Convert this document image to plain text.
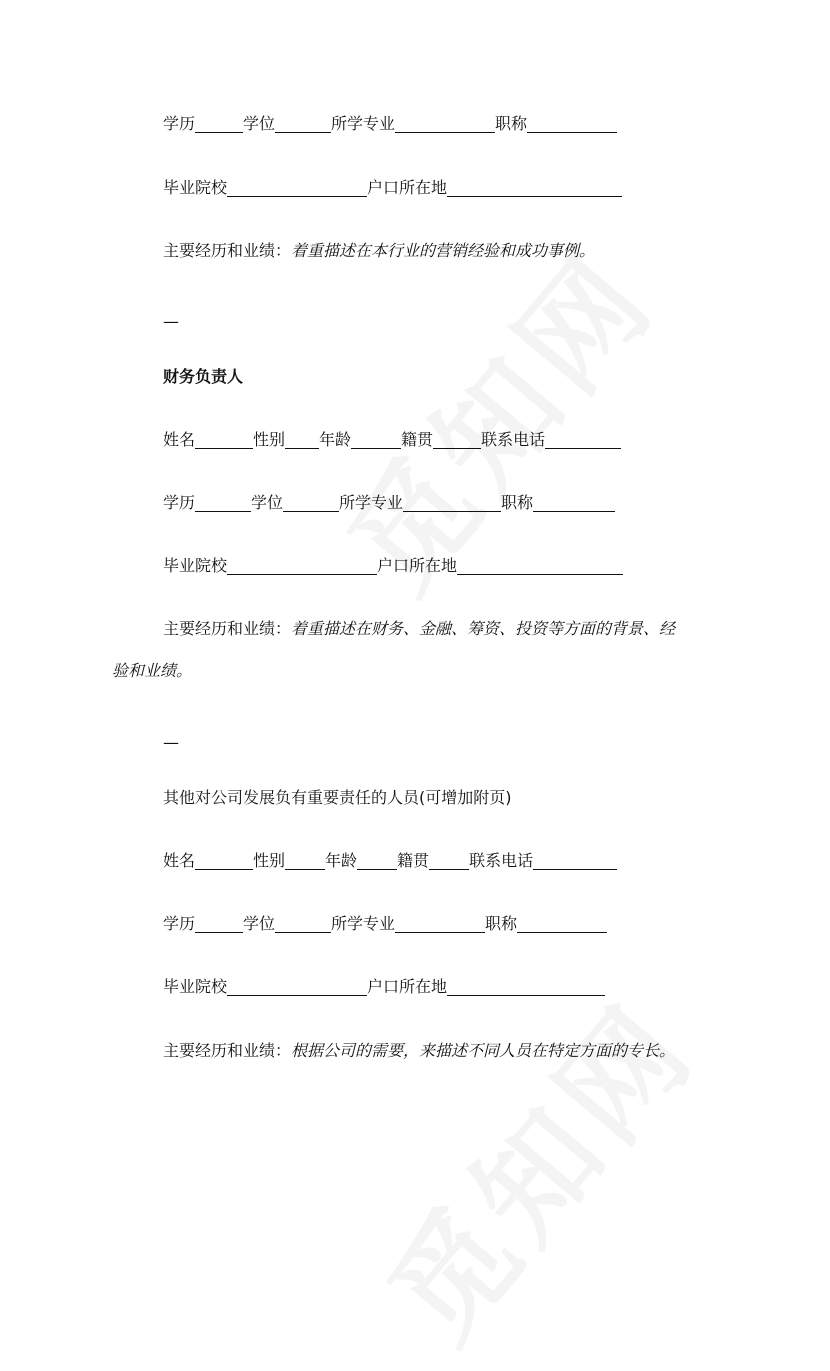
学历	学位	所学专业	职称
毕业院校	户口所在地
主要经历和业绩：着重描述在本行业的营销经验和成功事例。
—
财务负责人
姓名	性别 年龄	籍贯	联系电话
学历	学位	所学专业	职称
毕业院校	户口所在地
主要经历和业绩：着重描述在财务、金融、筹资、投资等方面的背景、经
验和业绩。
—
其他对公司发展负有重要责任的人员(可增加附页)
姓名	性别	年龄	籍贯	联系电话
学历	学位	所学专业	职称
毕业院校	户口所在地
主要经历和业绩：根据公司的需要，来描述不同人员在特定方面的专长。
